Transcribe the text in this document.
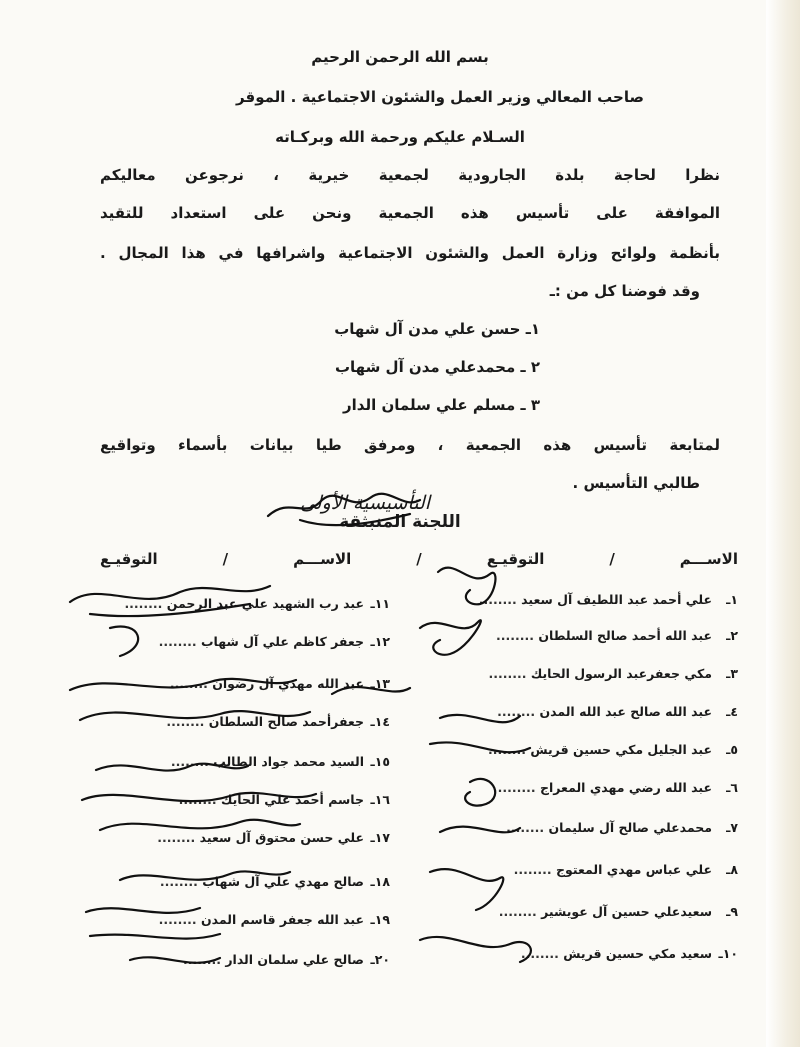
بسم الله الرحمن الرحيم
صاحب المعالي وزير العمل والشئون الاجتماعية . الموقر
السـلام عليكم ورحمة الله وبركـاته
نظرا لحاجة بلدة الجارودية لجمعية خيرية ، نرجوعن معاليكم
الموافقة على تأسيس هذه الجمعية ونحن على استعداد للتقيد
بأنظمة ولوائح وزارة العمل والشئون الاجتماعية واشرافها في هذا المجال .
وقد فوضنا كل من :ـ
١ـ حسن علي مدن آل شهاب
٢ ـ محمدعلي مدن آل شهاب
٣ ـ مسلم علي سلمان الدار
لمتابعة تأسيس هذه الجمعية ، ومرفق طيا بيانات بأسماء وتواقيع
طالبي التأسيس .
التأسيسية الأولى
اللجنة المنبثقة
الاســـم / التوقيـع / الاســـم / التوقيـع
١ـعلي أحمد عبد اللطيف آل سعيد ........
٢ـعبد الله أحمد صالح السلطان ........
٣ـمكي جعفرعبد الرسول الحايك ........
٤ـعبد الله صالح عبد الله المدن ........
٥ـعبد الجليل مكي حسين قريش ........
٦ـعبد الله رضي مهدي المعراج ........
٧ـمحمدعلي صالح آل سليمان ........
٨ـعلي عباس مهدي المعتوج ........
٩ـسعيدعلي حسين آل عويشير ........
١٠ـسعيد مكي حسين قريش ........
١١ـعبد رب الشهيد علي عبد الرحمن ........
١٢ـجعفر كاظم علي آل شهاب ........
١٣ـعبد الله مهدي آل رضوان ........
١٤ـجعفرأحمد صالح السلطان ........
١٥ـالسيد محمد جواد الطالب ........
١٦ـجاسم أحمد علي الحايك ........
١٧ـعلي حسن محتوق آل سعيد ........
١٨ـصالح مهدي علي آل شهاب ........
١٩ـعبد الله جعفر قاسم المدن ........
٢٠ـصالح علي سلمان الدار ........
